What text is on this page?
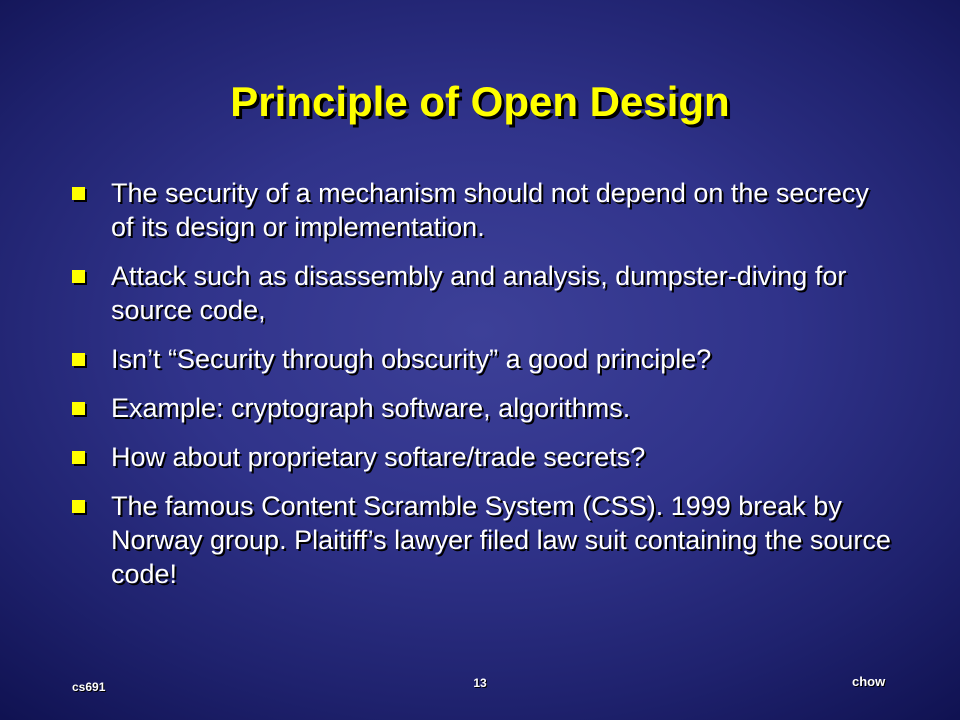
Principle of Open Design
The security of a mechanism should not depend on the secrecy of its design or implementation.
Attack such as disassembly and analysis, dumpster-diving for source code,
Isn’t “Security through obscurity” a good principle?
Example: cryptograph software, algorithms.
How about proprietary softare/trade secrets?
The famous Content Scramble System (CSS). 1999 break by Norway group. Plaitiff’s lawyer filed law suit containing the source code!
cs691	13	chow
